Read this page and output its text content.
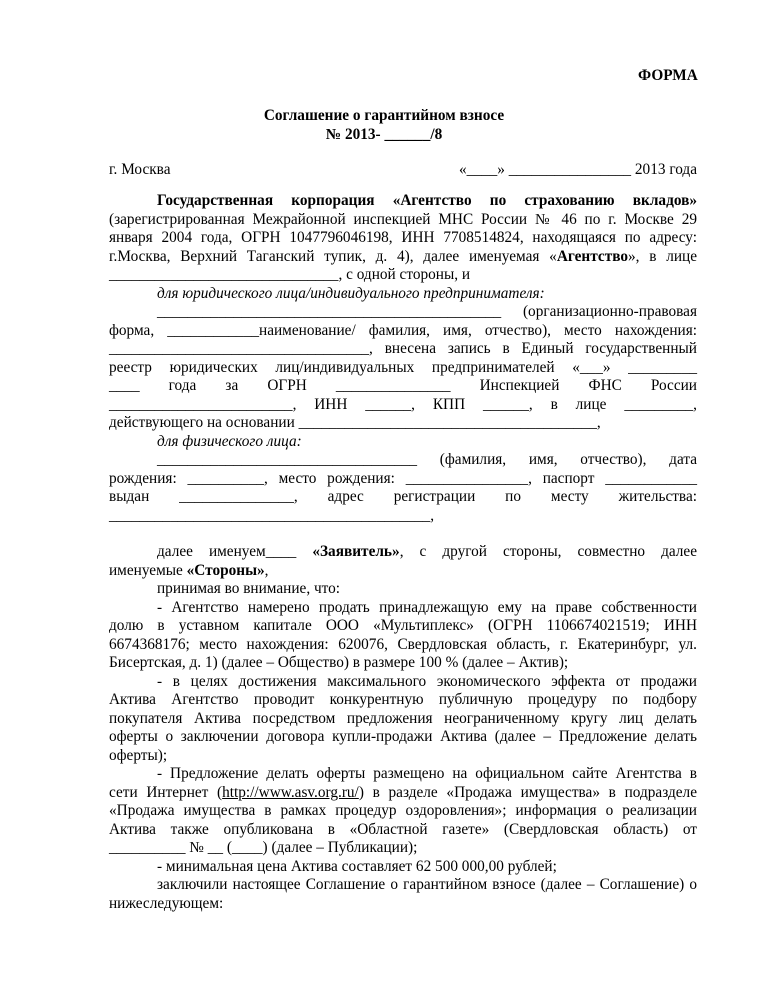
ФОРМА
Соглашение о гарантийном взносе
№ 2013- ______/8
г. Москва	«____» ________________ 2013 года
Государственная корпорация «Агентство по страхованию вкладов»
(зарегистрированная Межрайонной инспекцией МНС России № 46 по г. Москве 29
января 2004 года, ОГРН 1047796046198, ИНН 7708514824, находящаяся по адресу:
г.Москва, Верхний Таганский тупик, д. 4), далее именуемая «Агентство», в лице
______________________________, с одной стороны, и
для юридического лица/индивидуального предпринимателя:
_____________________________________________ (организационно-правовая
форма, ____________наименование/ фамилия, имя, отчество), место нахождения:
__________________________________, внесена запись в Единый государственный
реестр юридических лиц/индивидуальных предпринимателей «___» _________
____ года за ОГРН _______________ Инспекцией ФНС России
________________________, ИНН ______, КПП ______, в лице _________,
действующего на основании _______________________________________,
для физического лица:
__________________________________ (фамилия, имя, отчество), дата
рождения: __________, место рождения: ________________, паспорт ____________
выдан _______________, адрес регистрации по месту жительства:
__________________________________________,
далее именуем____ «Заявитель», с другой стороны, совместно далее
именуемые «Стороны»,
принимая во внимание, что:
- Агентство намерено продать принадлежащую ему на праве собственности
долю в уставном капитале ООО «Мультиплекс» (ОГРН 1106674021519; ИНН
6674368176; место нахождения: 620076, Свердловская область, г. Екатеринбург, ул.
Бисертская, д. 1) (далее – Общество) в размере 100 % (далее – Актив);
- в целях достижения максимального экономического эффекта от продажи
Актива Агентство проводит конкурентную публичную процедуру по подбору
покупателя Актива посредством предложения неограниченному кругу лиц делать
оферты о заключении договора купли-продажи Актива (далее – Предложение делать
оферты);
- Предложение делать оферты размещено на официальном сайте Агентства в
сети Интернет (http://www.asv.org.ru/) в разделе «Продажа имущества» в подразделе
«Продажа имущества в рамках процедур оздоровления»; информация о реализации
Актива также опубликована в «Областной газете» (Свердловская область) от
__________ № __ (____) (далее – Публикации);
- минимальная цена Актива составляет 62 500 000,00 рублей;
заключили настоящее Соглашение о гарантийном взносе (далее – Соглашение) о
нижеследующем:
